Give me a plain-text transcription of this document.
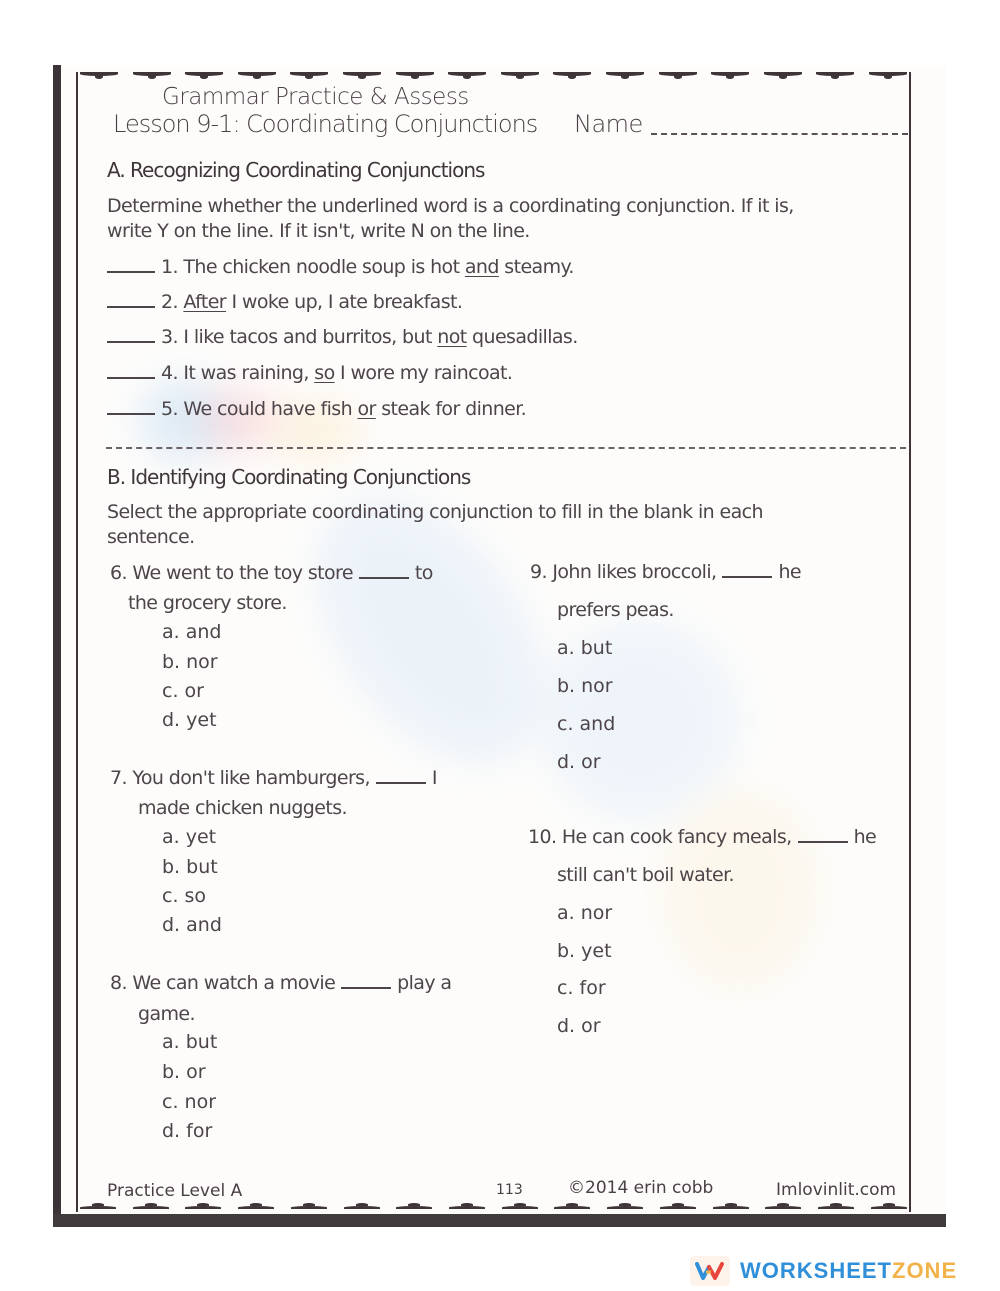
Grammar Practice & Assess
Lesson 9-1: Coordinating Conjunctions Name
A. Recognizing Coordinating Conjunctions
Determine whether the underlined word is a coordinating conjunction. If it is,
write Y on the line. If it isn't, write N on the line.
1. The chicken noodle soup is hot and steamy.
2. After I woke up, I ate breakfast.
3. I like tacos and burritos, but not quesadillas.
4. It was raining, so I wore my raincoat.
5. We could have fish or steak for dinner.
B. Identifying Coordinating Conjunctions
Select the appropriate coordinating conjunction to fill in the blank in each
sentence.
6. We went to the toy store	to
the grocery store.
a. and
b. nor
c. or
d. yet
7. You don't like hamburgers,	I
made chicken nuggets.
a. yet
b. but
c. so
d. and
8. We can watch a movie	play a
game.
a. but
b. or
c. nor
d. for
9. John likes broccoli,	he
prefers peas.
a. but
b. nor
c. and
d. or
10. He can cook fancy meals,	he
still can't boil water.
a. nor
b. yet
c. for
d. or
Practice Level A	113	©2014 erin cobb	Imlovinlit.com
WORKSHEET ZONE
